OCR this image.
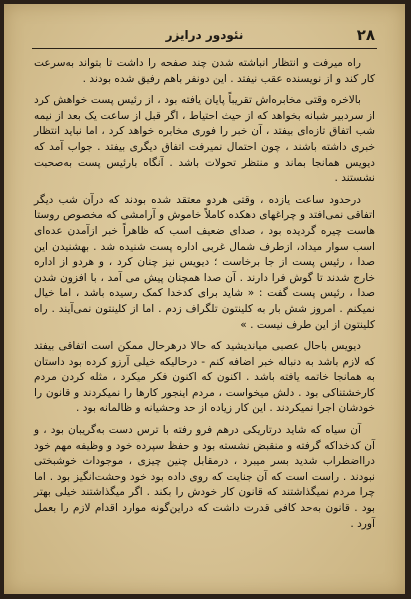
۲۸
نئودور درایزر

راه میرفت و انتظار انباشته شدن چند صفحه را داشت تا بتواند به‌سرعت کار کند و از نویسنده عقب نیفتد . این دونفر باهم رفیق شده بودند .

بالاخره وقتی مخابره‌اش تقریباً پایان یافته بود ، از رئیس پست خواهش کرد از سردبیر شبانه بخواهد که از حیث احتیاط ، اگر قبل از ساعت یک بعد از نیمه شب اتفاق تازه‌ای بیفتد ، آن خبر را فوری مخابره خواهد کرد ، اما نباید انتظار خبری داشته باشند ، چون احتمال نمیرفت اتفاق دیگری بیفتد . جواب آمد که دیویس همانجا بماند و منتظر تحولات باشد . آنگاه بارئیس پست به‌صحبت نشستند .

درحدود ساعت یازده ، وقتی هردو معتقد شده بودند که درآن شب دیگر اتفاقی نمی‌افتد و چراغهای دهکده کاملاً خاموش و آرامشی که مخصوص روستا هاست چیره گردیده بود ، صدای ضعیف اسب که ظاهراً خبر ازآمدن عده‌ای اسب سوار میداد، ازطرف شمال غربی اداره پست شنیده شد . بهشنیدن این صدا ، رئیس پست از جا برخاست ؛ دیویس نیز چنان کرد ، و هردو از اداره خارج شدند تا گوش فرا دارند . آن صدا همچنان پیش می آمد ، با افزون شدن صدا ، رئیس پست گفت : « شاید برای کدخدا کمک رسیده باشد ، اما خیال نمیکنم . امروز شش بار به کلینتون تلگراف زدم . اما از کلینتون نمی‌آیند . راه کلینتون از این طرف نیست . »

دیویس باحال عصبی میاندیشید که حالا درهرحال ممکن است اتفاقی بیفتد که لازم باشد به دنباله خبر اضافه کنم - درحالیکه خیلی آرزو کرده بود داستان به همانجا خاتمه یافته باشد . اکنون که اکنون فکر میکرد ، مثله کردن مردم کارخشتناکی بود . دلش میخواست ، مردم اینجور کارها را نمیکردند و قانون را خودشان اجرا نمیکردند . این کار زیاده از حد وحشیانه و ظالمانه بود .

آن سیاه که شاید درتاریکی درهم فرو رفته با ترس دست به‌گریبان بود ، و آن کدخداکه گرفته و منقبض نشسته بود و حفظ سپرده خود و وظیفه مهم خود درااضطراب شدید بسر میبرد ، درمقابل چنین چیزی ، موجودات خوشبختی نبودند . راست است که آن جنایت که روی داده بود خود وحشت‌انگیز بود . اما چرا مردم نمیگذاشتند که قانون کار خودش را بکند . اگر میگذاشتند خیلی بهتر بود . قانون به‌حد کافی قدرت داشت که دراین‌گونه موارد اقدام لازم را بعمل آورد .
